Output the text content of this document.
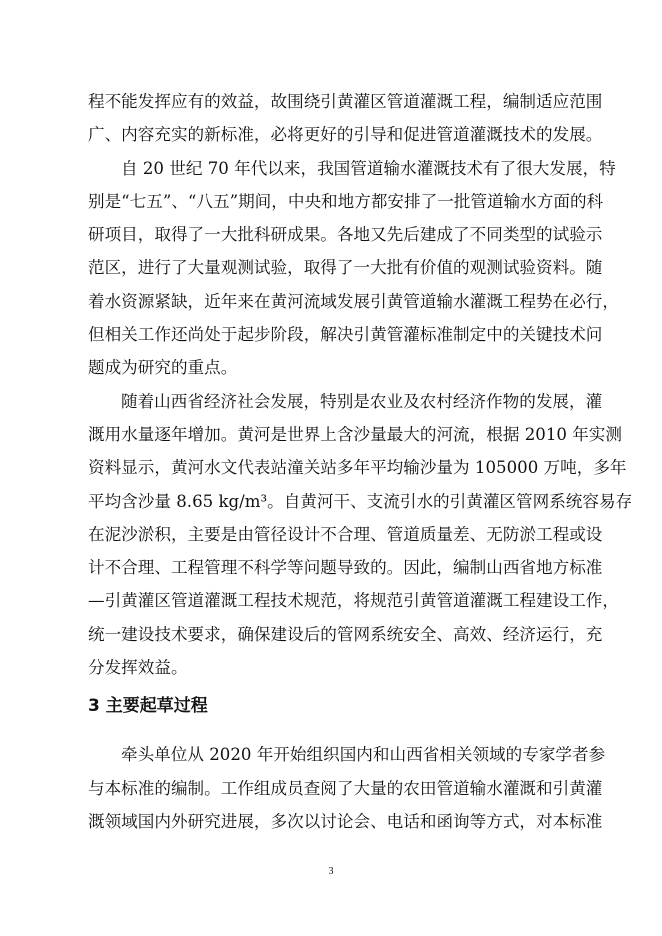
程不能发挥应有的效益，故围绕引黄灌区管道灌溉工程，编制适应范围
广、内容充实的新标准，必将更好的引导和促进管道灌溉技术的发展。
自 20 世纪 70 年代以来，我国管道输水灌溉技术有了很大发展，特
别是“七五”、“八五”期间，中央和地方都安排了一批管道输水方面的科
研项目，取得了一大批科研成果。各地又先后建成了不同类型的试验示
范区，进行了大量观测试验，取得了一大批有价值的观测试验资料。随
着水资源紧缺，近年来在黄河流域发展引黄管道输水灌溉工程势在必行，
但相关工作还尚处于起步阶段，解决引黄管灌标准制定中的关键技术问
题成为研究的重点。
随着山西省经济社会发展，特别是农业及农村经济作物的发展，灌
溉用水量逐年增加。黄河是世界上含沙量最大的河流，根据 2010 年实测
资料显示，黄河水文代表站潼关站多年平均输沙量为 105000 万吨，多年
平均含沙量 8.65 kg/m³。自黄河干、支流引水的引黄灌区管网系统容易存
在泥沙淤积，主要是由管径设计不合理、管道质量差、无防淤工程或设
计不合理、工程管理不科学等问题导致的。因此，编制山西省地方标准
—引黄灌区管道灌溉工程技术规范，将规范引黄管道灌溉工程建设工作，
统一建设技术要求，确保建设后的管网系统安全、高效、经济运行，充
分发挥效益。
3 主要起草过程
牵头单位从 2020 年开始组织国内和山西省相关领域的专家学者参
与本标准的编制。工作组成员查阅了大量的农田管道输水灌溉和引黄灌
溉领域国内外研究进展，多次以讨论会、电话和函询等方式，对本标准
3
